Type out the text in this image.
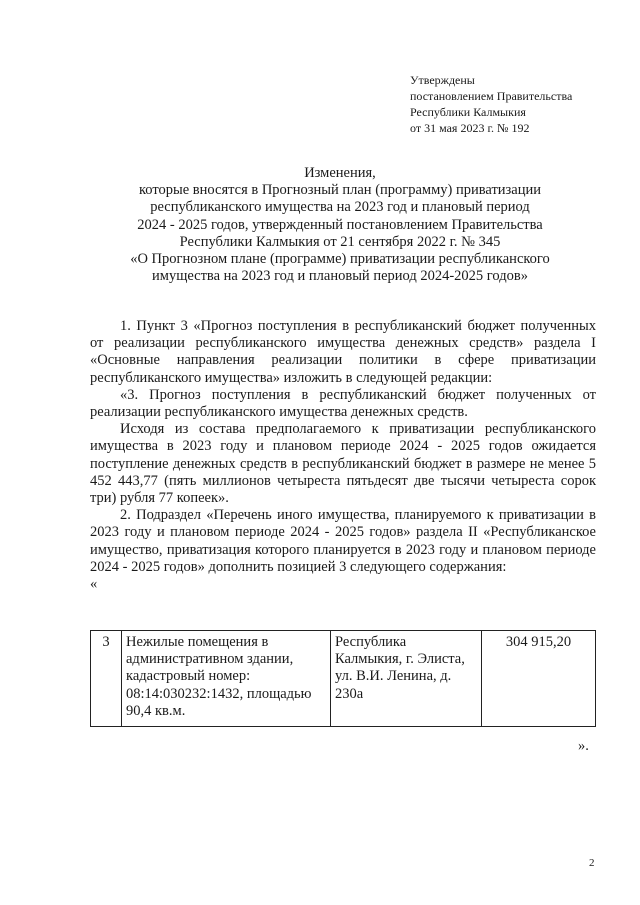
Утверждены
постановлением Правительства
Республики Калмыкия
от 31 мая 2023 г. № 192
Изменения,
которые вносятся в Прогнозный план (программу) приватизации
республиканского имущества на 2023 год и плановый период
2024 - 2025 годов, утвержденный постановлением Правительства
Республики Калмыкия от 21 сентября 2022 г. № 345
«О Прогнозном плане (программе) приватизации республиканского
имущества на 2023 год и плановый период 2024-2025 годов»
1. Пункт 3 «Прогноз поступления в республиканский бюджет полученных от реализации республиканского имущества денежных средств» раздела I «Основные направления реализации политики в сфере приватизации республиканского имущества» изложить в следующей редакции:
«3. Прогноз поступления в республиканский бюджет полученных от реализации республиканского имущества денежных средств.
Исходя из состава предполагаемого к приватизации республиканского имущества в 2023 году и плановом периоде 2024 - 2025 годов ожидается поступление денежных средств в республиканский бюджет в размере не менее 5 452 443,77 (пять миллионов четыреста пятьдесят две тысячи четыреста сорок три) рубля 77 копеек».
2. Подраздел «Перечень иного имущества, планируемого к приватизации в 2023 году и плановом периоде 2024 - 2025 годов» раздела II «Республиканское имущество, приватизация которого планируется в 2023 году и плановом периоде 2024 - 2025 годов» дополнить позицией 3 следующего содержания:
«
3	Нежилые помещения в административном здании, кадастровый номер: 08:14:030232:1432, площадью 90,4 кв.м.	Республика Калмыкия, г. Элиста, ул. В.И. Ленина, д. 230а	304 915,20
».
2
